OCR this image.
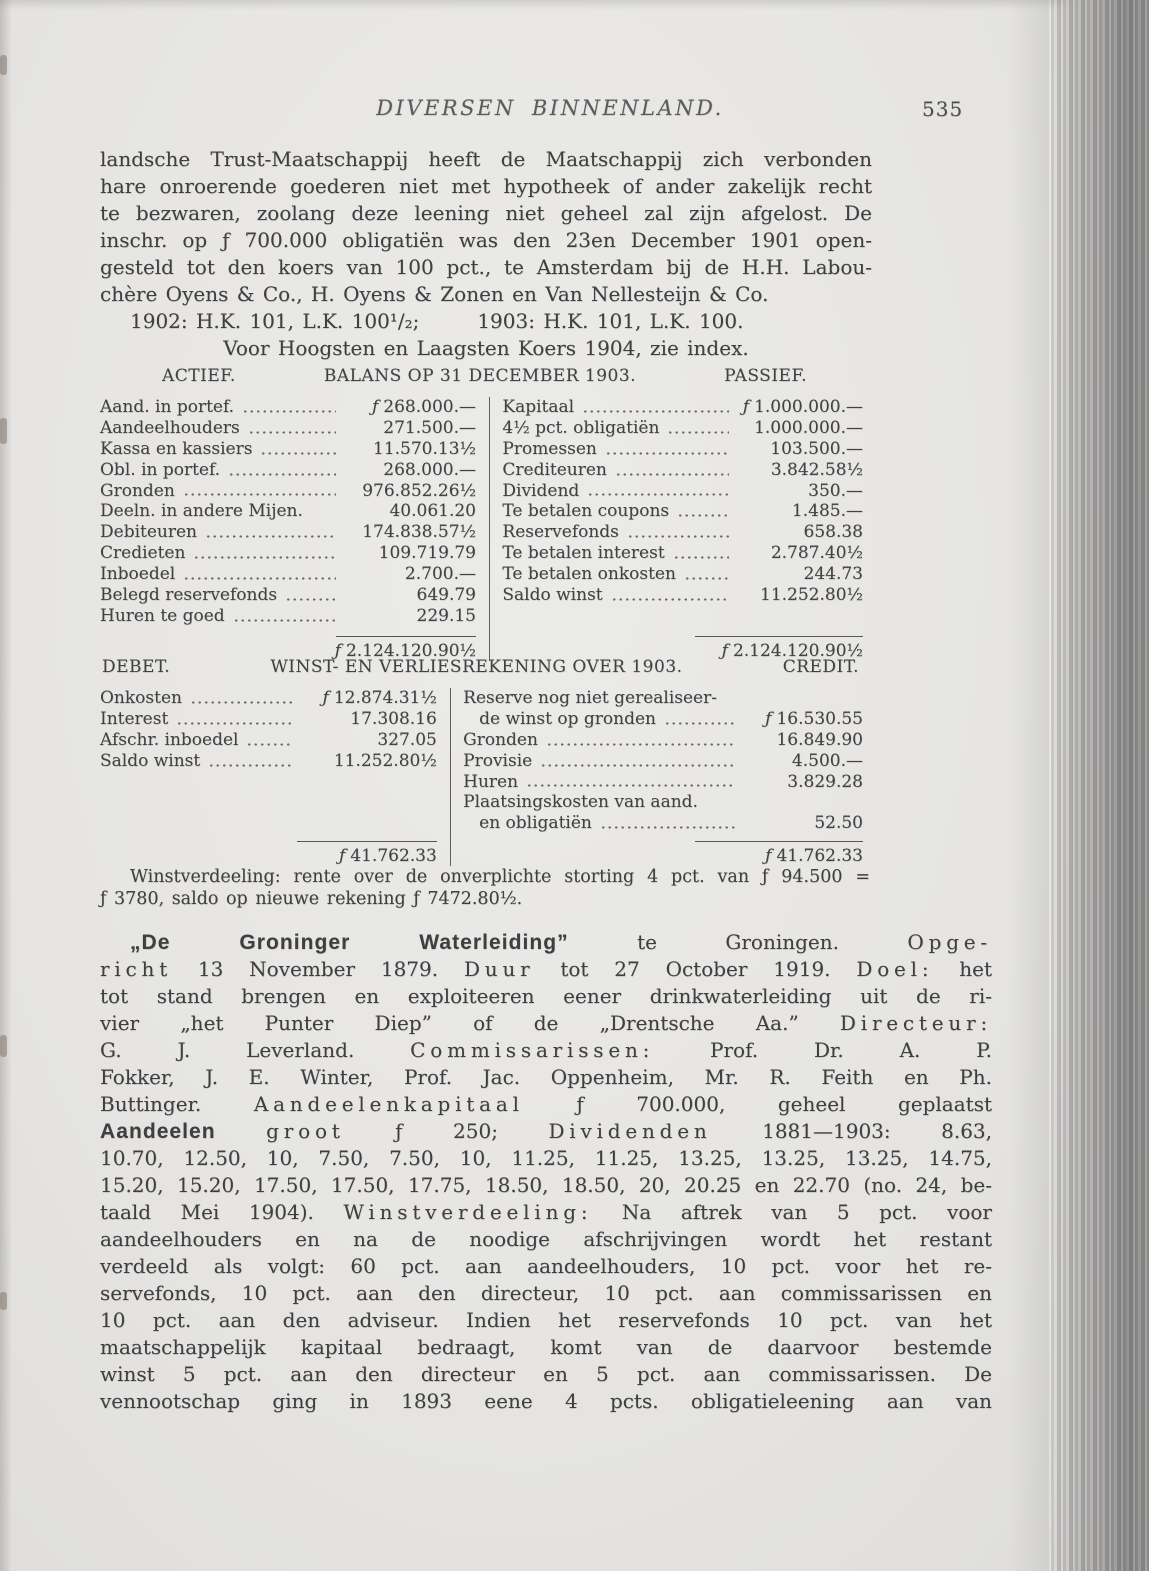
DIVERSEN BINNENLAND.	535
landsche Trust-Maatschappij heeft de Maatschappij zich verbonden
hare onroerende goederen niet met hypotheek of ander zakelijk recht
te bezwaren, zoolang deze leening niet geheel zal zijn afgelost. De
inschr. op ƒ 700.000 obligatiën was den 23en December 1901 open-
gesteld tot den koers van 100 pct., te Amsterdam bij de H.H. Labou-
chère Oyens & Co., H. Oyens & Zonen en Van Nellesteijn & Co.
1902: H.K. 101, L.K. 100¹/₂;	1903: H.K. 101, L.K. 100.
Voor Hoogsten en Laagsten Koers 1904, zie index.
ACTIEF.	BALANS OP 31 DECEMBER 1903.	PASSIEF.
Aand. in portef.	ƒ 268.000.—
Aandeelhouders	271.500.—
Kassa en kassiers	11.570.13½
Obl. in portef.	268.000.—
Gronden	976.852.26½
Deeln. in andere Mijen.	40.061.20
Debiteuren	174.838.57½
Credieten	109.719.79
Inboedel	2.700.—
Belegd reservefonds	649.79
Huren te goed	229.15
ƒ 2.124.120.90½
Kapitaal	ƒ 1.000.000.—
4½ pct. obligatiën	1.000.000.—
Promessen	103.500.—
Crediteuren	3.842.58½
Dividend	350.—
Te betalen coupons	1.485.—
Reservefonds	658.38
Te betalen interest	2.787.40½
Te betalen onkosten	244.73
Saldo winst	11.252.80½
ƒ 2.124.120.90½
DEBET.	WINST- EN VERLIESREKENING OVER 1903.	CREDIT.
Onkosten	ƒ 12.874.31½
Interest	17.308.16
Afschr. inboedel	327.05
Saldo winst	11.252.80½
ƒ 41.762.33
Reserve nog niet gerealiseer-
de winst op gronden	ƒ 16.530.55
Gronden	16.849.90
Provisie	4.500.—
Huren	3.829.28
Plaatsingskosten van aand.
en obligatiën	52.50
ƒ 41.762.33
Winstverdeeling: rente over de onverplichte storting 4 pct. van ƒ 94.500 =
ƒ 3780, saldo op nieuwe rekening ƒ 7472.80½.
„De Groninger Waterleiding” te Groningen. Opge-
richt 13 November 1879. Duur tot 27 October 1919. Doel: het
tot stand brengen en exploiteeren eener drinkwaterleiding uit de ri-
vier „het Punter Diep” of de „Drentsche Aa.” Directeur:
G. J. Leverland. Commissarissen: Prof. Dr. A. P.
Fokker, J. E. Winter, Prof. Jac. Oppenheim, Mr. R. Feith en Ph.
Buttinger. Aandeelenkapitaal ƒ 700.000, geheel geplaatst
Aandeelen	groot ƒ 250; Dividenden 1881—1903: 8.63,
10.70, 12.50, 10, 7.50, 7.50, 10, 11.25, 11.25, 13.25, 13.25, 13.25, 14.75,
15.20, 15.20, 17.50, 17.50, 17.75, 18.50, 18.50, 20, 20.25 en 22.70 (no. 24, be-
taald Mei 1904). Winstverdeeling: Na aftrek van 5 pct. voor
aandeelhouders en na de noodige afschrijvingen wordt het restant
verdeeld als volgt: 60 pct. aan aandeelhouders, 10 pct. voor het re-
servefonds, 10 pct. aan den directeur, 10 pct. aan commissarissen en
10 pct. aan den adviseur. Indien het reservefonds 10 pct. van het
maatschappelijk kapitaal bedraagt, komt van de daarvoor bestemde
winst 5 pct. aan den directeur en 5 pct. aan commissarissen. De
vennootschap ging in 1893 eene 4 pcts. obligatieleening aan van
